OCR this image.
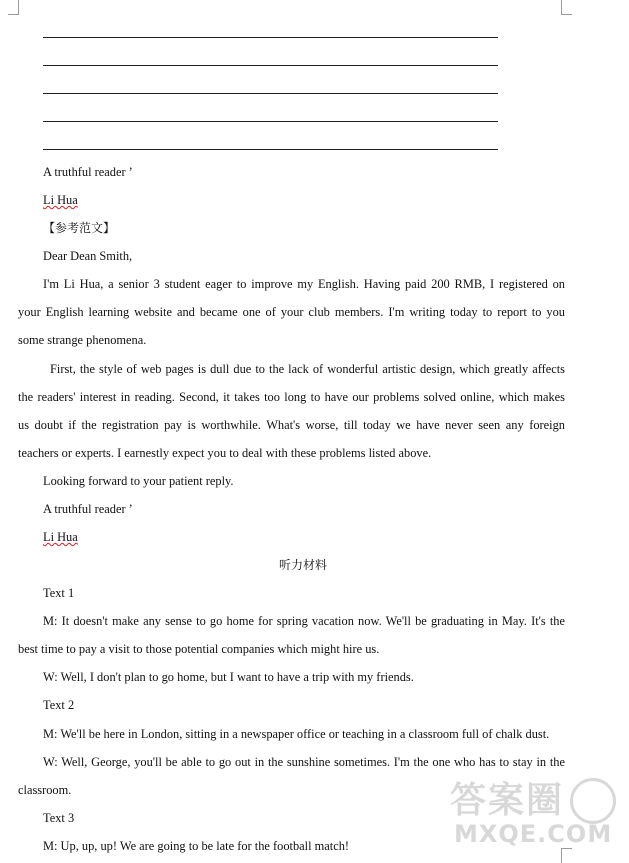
A truthful reader ’
Li Hua
【参考范文】
Dear Dean Smith,
I'm Li Hua, a senior 3 student eager to improve my English. Having paid 200 RMB, I registered on
your English learning website and became one of your club members. I'm writing today to report to you
some strange phenomena.
First, the style of web pages is dull due to the lack of wonderful artistic design, which greatly affects
the readers' interest in reading. Second, it takes too long to have our problems solved online, which makes
us doubt if the registration pay is worthwhile. What's worse, till today we have never seen any foreign
teachers or experts. I earnestly expect you to deal with these problems listed above.
Looking forward to your patient reply.
A truthful reader ’
Li Hua
听力材料
Text 1
M: It doesn't make any sense to go home for spring vacation now. We'll be graduating in May. It's the
best time to pay a visit to those potential companies which might hire us.
W: Well, I don't plan to go home, but I want to have a trip with my friends.
Text 2
M: We'll be here in London, sitting in a newspaper office or teaching in a classroom full of chalk dust.
W: Well, George, you'll be able to go out in the sunshine sometimes. I'm the one who has to stay in the
classroom.
Text 3
M: Up, up, up! We are going to be late for the football match!
答案圈
MXQE.COM
